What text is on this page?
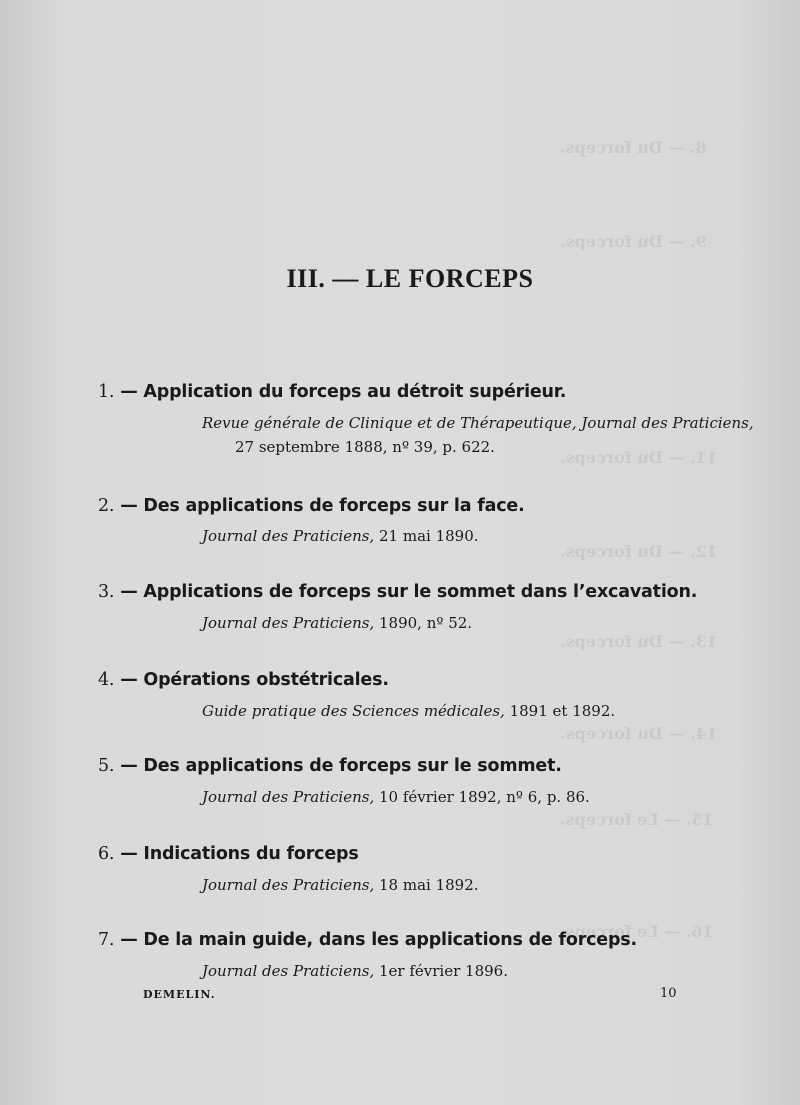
8. — Du forceps.
9. — Du forceps.
11. — Du forceps.
12. — Du forceps.
13. — Du forceps.
14. — Du forceps.
15. — Le forceps.
16. — Le forceps.
III. — LE FORCEPS
1. — Application du forceps au détroit supérieur.
Revue générale de Clinique et de Thérapeutique, Journal des Praticiens,
27 septembre 1888, nº 39, p. 622.
2. — Des applications de forceps sur la face.
Journal des Praticiens, 21 mai 1890.
3. — Applications de forceps sur le sommet dans l’excavation.
Journal des Praticiens, 1890, nº 52.
4. — Opérations obstétricales.
Guide pratique des Sciences médicales, 1891 et 1892.
5. — Des applications de forceps sur le sommet.
Journal des Praticiens, 10 février 1892, nº 6, p. 86.
6. — Indications du forceps
Journal des Praticiens, 18 mai 1892.
7. — De la main guide, dans les applications de forceps.
Journal des Praticiens, 1er février 1896.
DEMELIN.	10
